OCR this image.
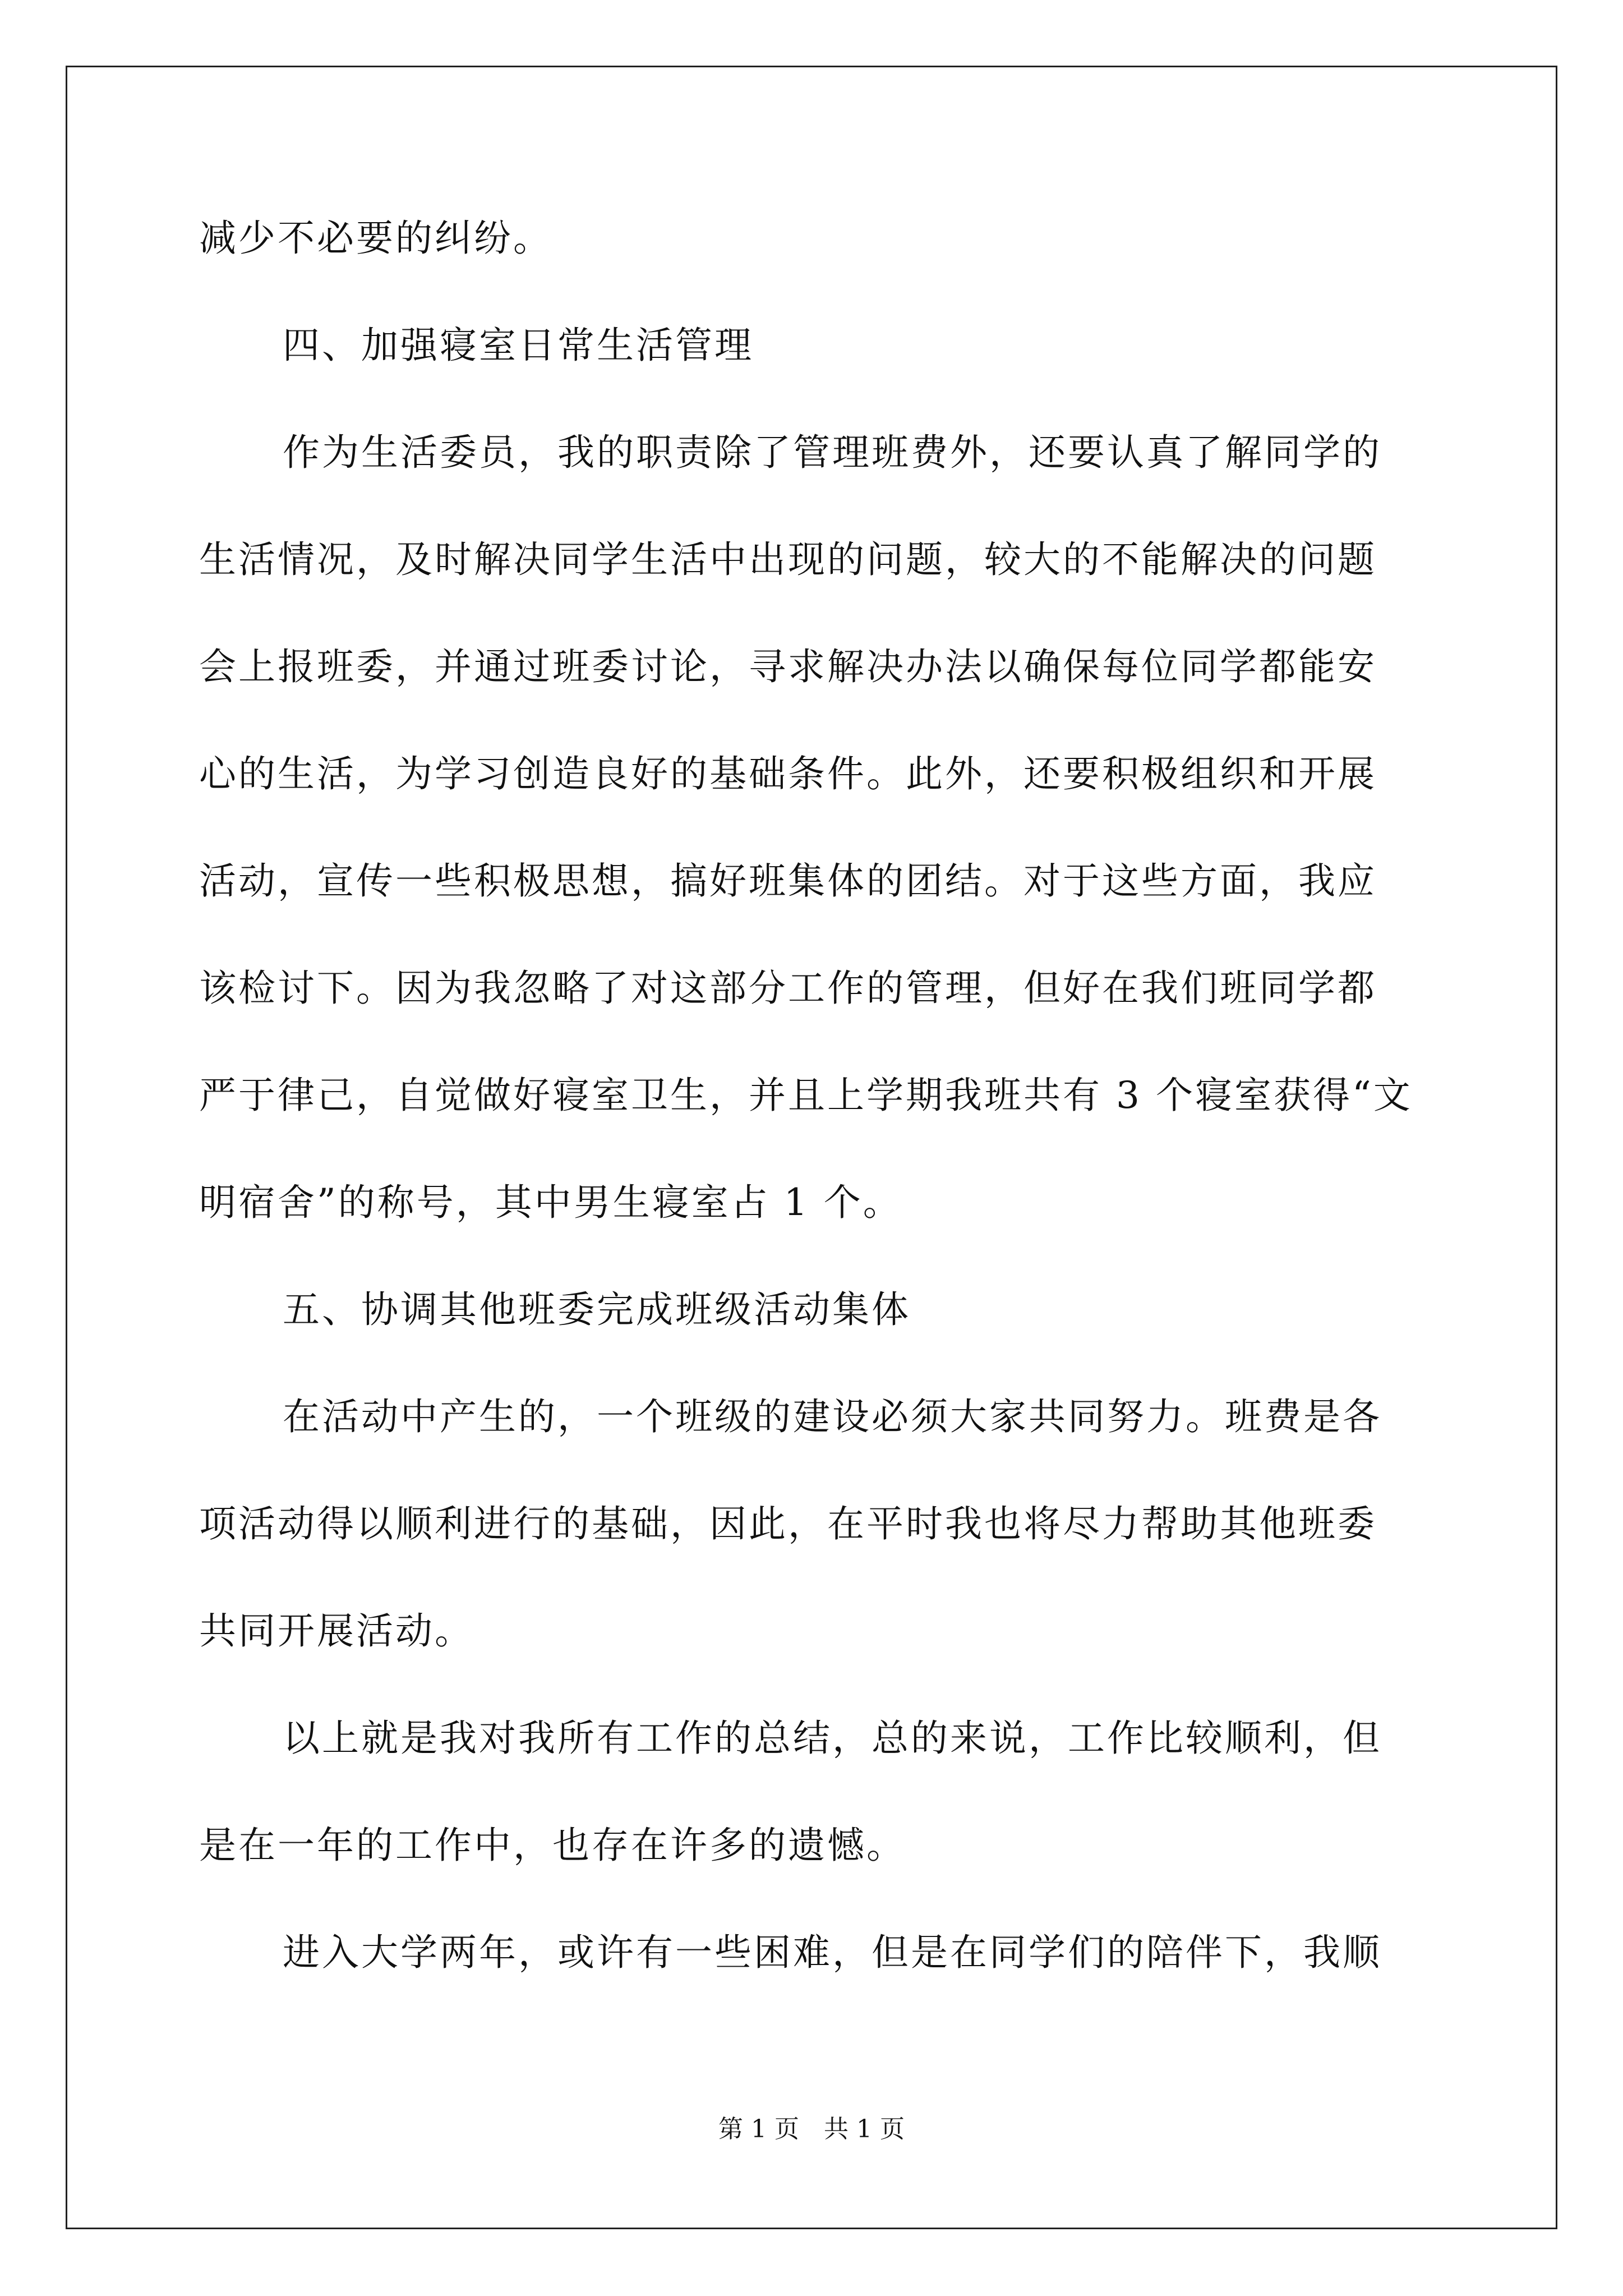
减少不必要的纠纷。
四、加强寝室日常生活管理
作为生活委员，我的职责除了管理班费外，还要认真了解同学的
生活情况，及时解决同学生活中出现的问题，较大的不能解决的问题
会上报班委，并通过班委讨论，寻求解决办法以确保每位同学都能安
心的生活，为学习创造良好的基础条件。此外，还要积极组织和开展
活动，宣传一些积极思想，搞好班集体的团结。对于这些方面，我应
该检讨下。因为我忽略了对这部分工作的管理，但好在我们班同学都
严于律己，自觉做好寝室卫生，并且上学期我班共有 3 个寝室获得“文
明宿舍”的称号，其中男生寝室占 1 个。
五、协调其他班委完成班级活动集体
在活动中产生的，一个班级的建设必须大家共同努力。班费是各
项活动得以顺利进行的基础，因此，在平时我也将尽力帮助其他班委
共同开展活动。
以上就是我对我所有工作的总结，总的来说，工作比较顺利，但
是在一年的工作中，也存在许多的遗憾。
进入大学两年，或许有一些困难，但是在同学们的陪伴下，我顺
第 1 页　共 1 页
